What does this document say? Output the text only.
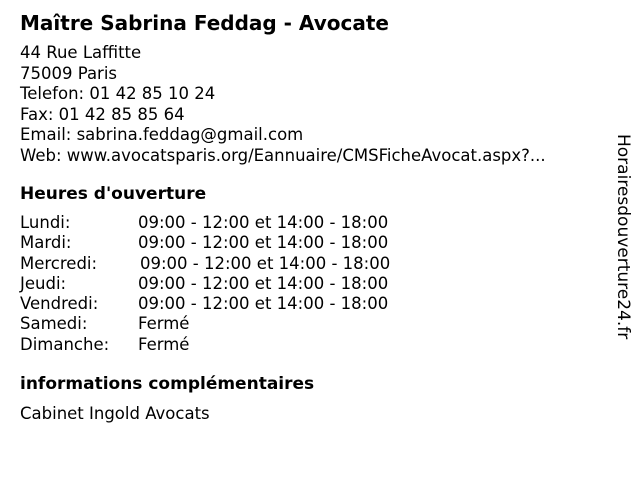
Maître Sabrina Feddag - Avocate
44 Rue Laffitte
75009 Paris
Telefon: 01 42 85 10 24
Fax: 01 42 85 85 64
Email: sabrina.feddag@gmail.com
Web: www.avocatsparis.org/Eannuaire/CMSFicheAvocat.aspx?...
Heures d'ouverture
Lundi:	09:00 - 12:00 et 14:00 - 18:00
Mardi:	09:00 - 12:00 et 14:00 - 18:00
Mercredi:	09:00 - 12:00 et 14:00 - 18:00
Jeudi:	09:00 - 12:00 et 14:00 - 18:00
Vendredi: 09:00 - 12:00 et 14:00 - 18:00
Samedi:	Fermé
Dimanche: Fermé
informations complémentaires
Cabinet Ingold Avocats
Horairesdouverture24.fr
